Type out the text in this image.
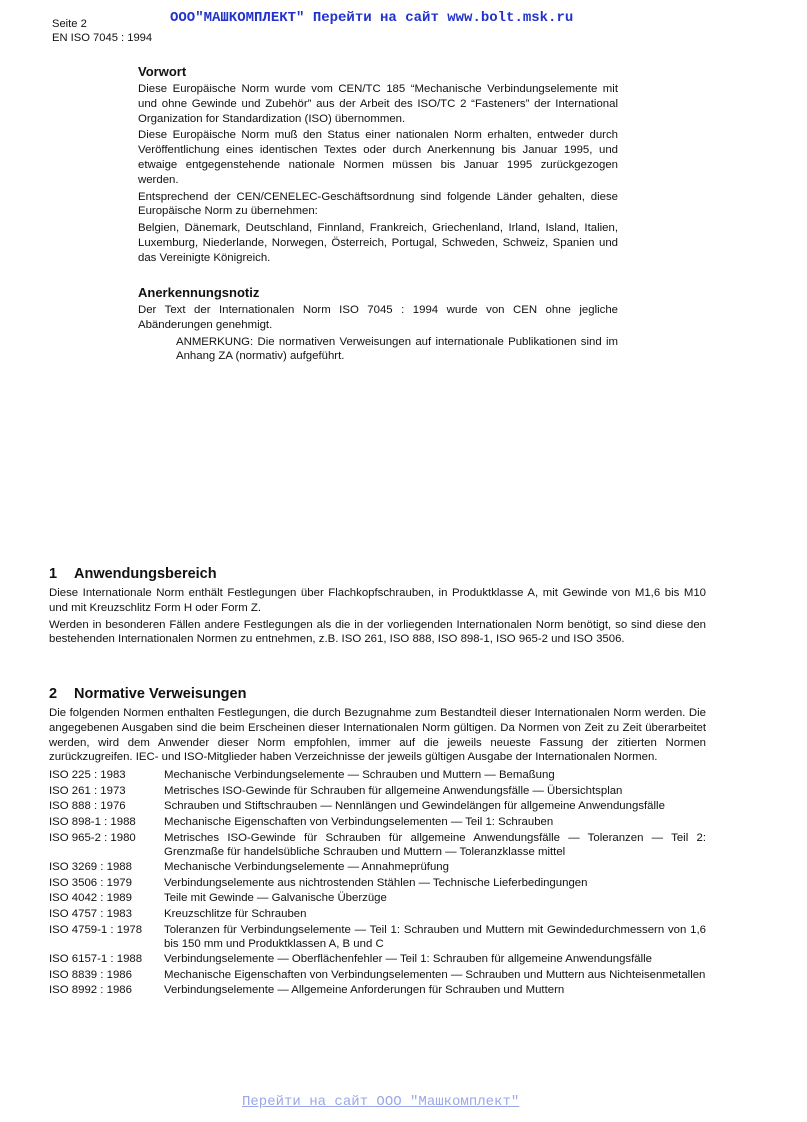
Seite 2
EN ISO 7045 : 1994
ООО"МАШКОМПЛЕКТ" Перейти на сайт www.bolt.msk.ru
Vorwort

Diese Europäische Norm wurde vom CEN/TC 185 “Mechanische Verbindungselemente mit und ohne Gewinde und Zubehör” aus der Arbeit des ISO/TC 2 “Fasteners” der International Organization for Standardization (ISO) übernommen.

Diese Europäische Norm muß den Status einer nationalen Norm erhalten, entweder durch Veröffentlichung eines identischen Textes oder durch Anerkennung bis Januar 1995, und etwaige entgegenstehende nationale Normen müssen bis Januar 1995 zurückgezogen werden.

Entsprechend der CEN/CENELEC-Geschäftsordnung sind folgende Länder gehalten, diese Europäische Norm zu übernehmen:

Belgien, Dänemark, Deutschland, Finnland, Frankreich, Griechenland, Irland, Island, Italien, Luxemburg, Niederlande, Norwegen, Österreich, Portugal, Schweden, Schweiz, Spanien und das Vereinigte Königreich.

Anerkennungsnotiz

Der Text der Internationalen Norm ISO 7045 : 1994 wurde von CEN ohne jegliche Abänderungen genehmigt.

ANMERKUNG: Die normativen Verweisungen auf internationale Publikationen sind im Anhang ZA (normativ) aufgeführt.
1 Anwendungsbereich

Diese Internationale Norm enthält Festlegungen über Flachkopfschrauben, in Produktklasse A, mit Gewinde von M1,6 bis M10 und mit Kreuzschlitz Form H oder Form Z.

Werden in besonderen Fällen andere Festlegungen als die in der vorliegenden Internationalen Norm benötigt, so sind diese den bestehenden Internationalen Normen zu entnehmen, z.B. ISO 261, ISO 888, ISO 898-1, ISO 965-2 und ISO 3506.

2 Normative Verweisungen

Die folgenden Normen enthalten Festlegungen, die durch Bezugnahme zum Bestandteil dieser Internationalen Norm werden. Die angegebenen Ausgaben sind die beim Erscheinen dieser Internationalen Norm gültigen. Da Normen von Zeit zu Zeit überarbeitet werden, wird dem Anwender dieser Norm empfohlen, immer auf die jeweils neueste Fassung der zitierten Normen zurückzugreifen. IEC- und ISO-Mitglieder haben Verzeichnisse der jeweils gültigen Ausgabe der Internationalen Normen.

ISO 225 : 1983	Mechanische Verbindungselemente — Schrauben und Muttern — Bemaßung
ISO 261 : 1973	Metrisches ISO-Gewinde für Schrauben für allgemeine Anwendungsfälle — Übersichtsplan
ISO 888 : 1976	Schrauben und Stiftschrauben — Nennlängen und Gewindelängen für allgemeine Anwendungsfälle
ISO 898-1 : 1988	Mechanische Eigenschaften von Verbindungselementen — Teil 1: Schrauben
ISO 965-2 : 1980	Metrisches ISO-Gewinde für Schrauben für allgemeine Anwendungsfälle — Toleranzen — Teil 2: Grenzmaße für handelsübliche Schrauben und Muttern — Toleranzklasse mittel
ISO 3269 : 1988	Mechanische Verbindungselemente — Annahmeprüfung
ISO 3506 : 1979	Verbindungselemente aus nichtrostenden Stählen — Technische Lieferbedingungen
ISO 4042 : 1989	Teile mit Gewinde — Galvanische Überzüge
ISO 4757 : 1983	Kreuzschlitze für Schrauben
ISO 4759-1 : 1978	Toleranzen für Verbindungselemente — Teil 1: Schrauben und Muttern mit Gewindedurchmessern von 1,6 bis 150 mm und Produktklassen A, B und C
ISO 6157-1 : 1988	Verbindungselemente — Oberflächenfehler — Teil 1: Schrauben für allgemeine Anwendungsfälle
ISO 8839 : 1986	Mechanische Eigenschaften von Verbindungselementen — Schrauben und Muttern aus Nichteisenmetallen
ISO 8992 : 1986	Verbindungselemente — Allgemeine Anforderungen für Schrauben und Muttern
Перейти на сайт ООО "Машкомплект"
